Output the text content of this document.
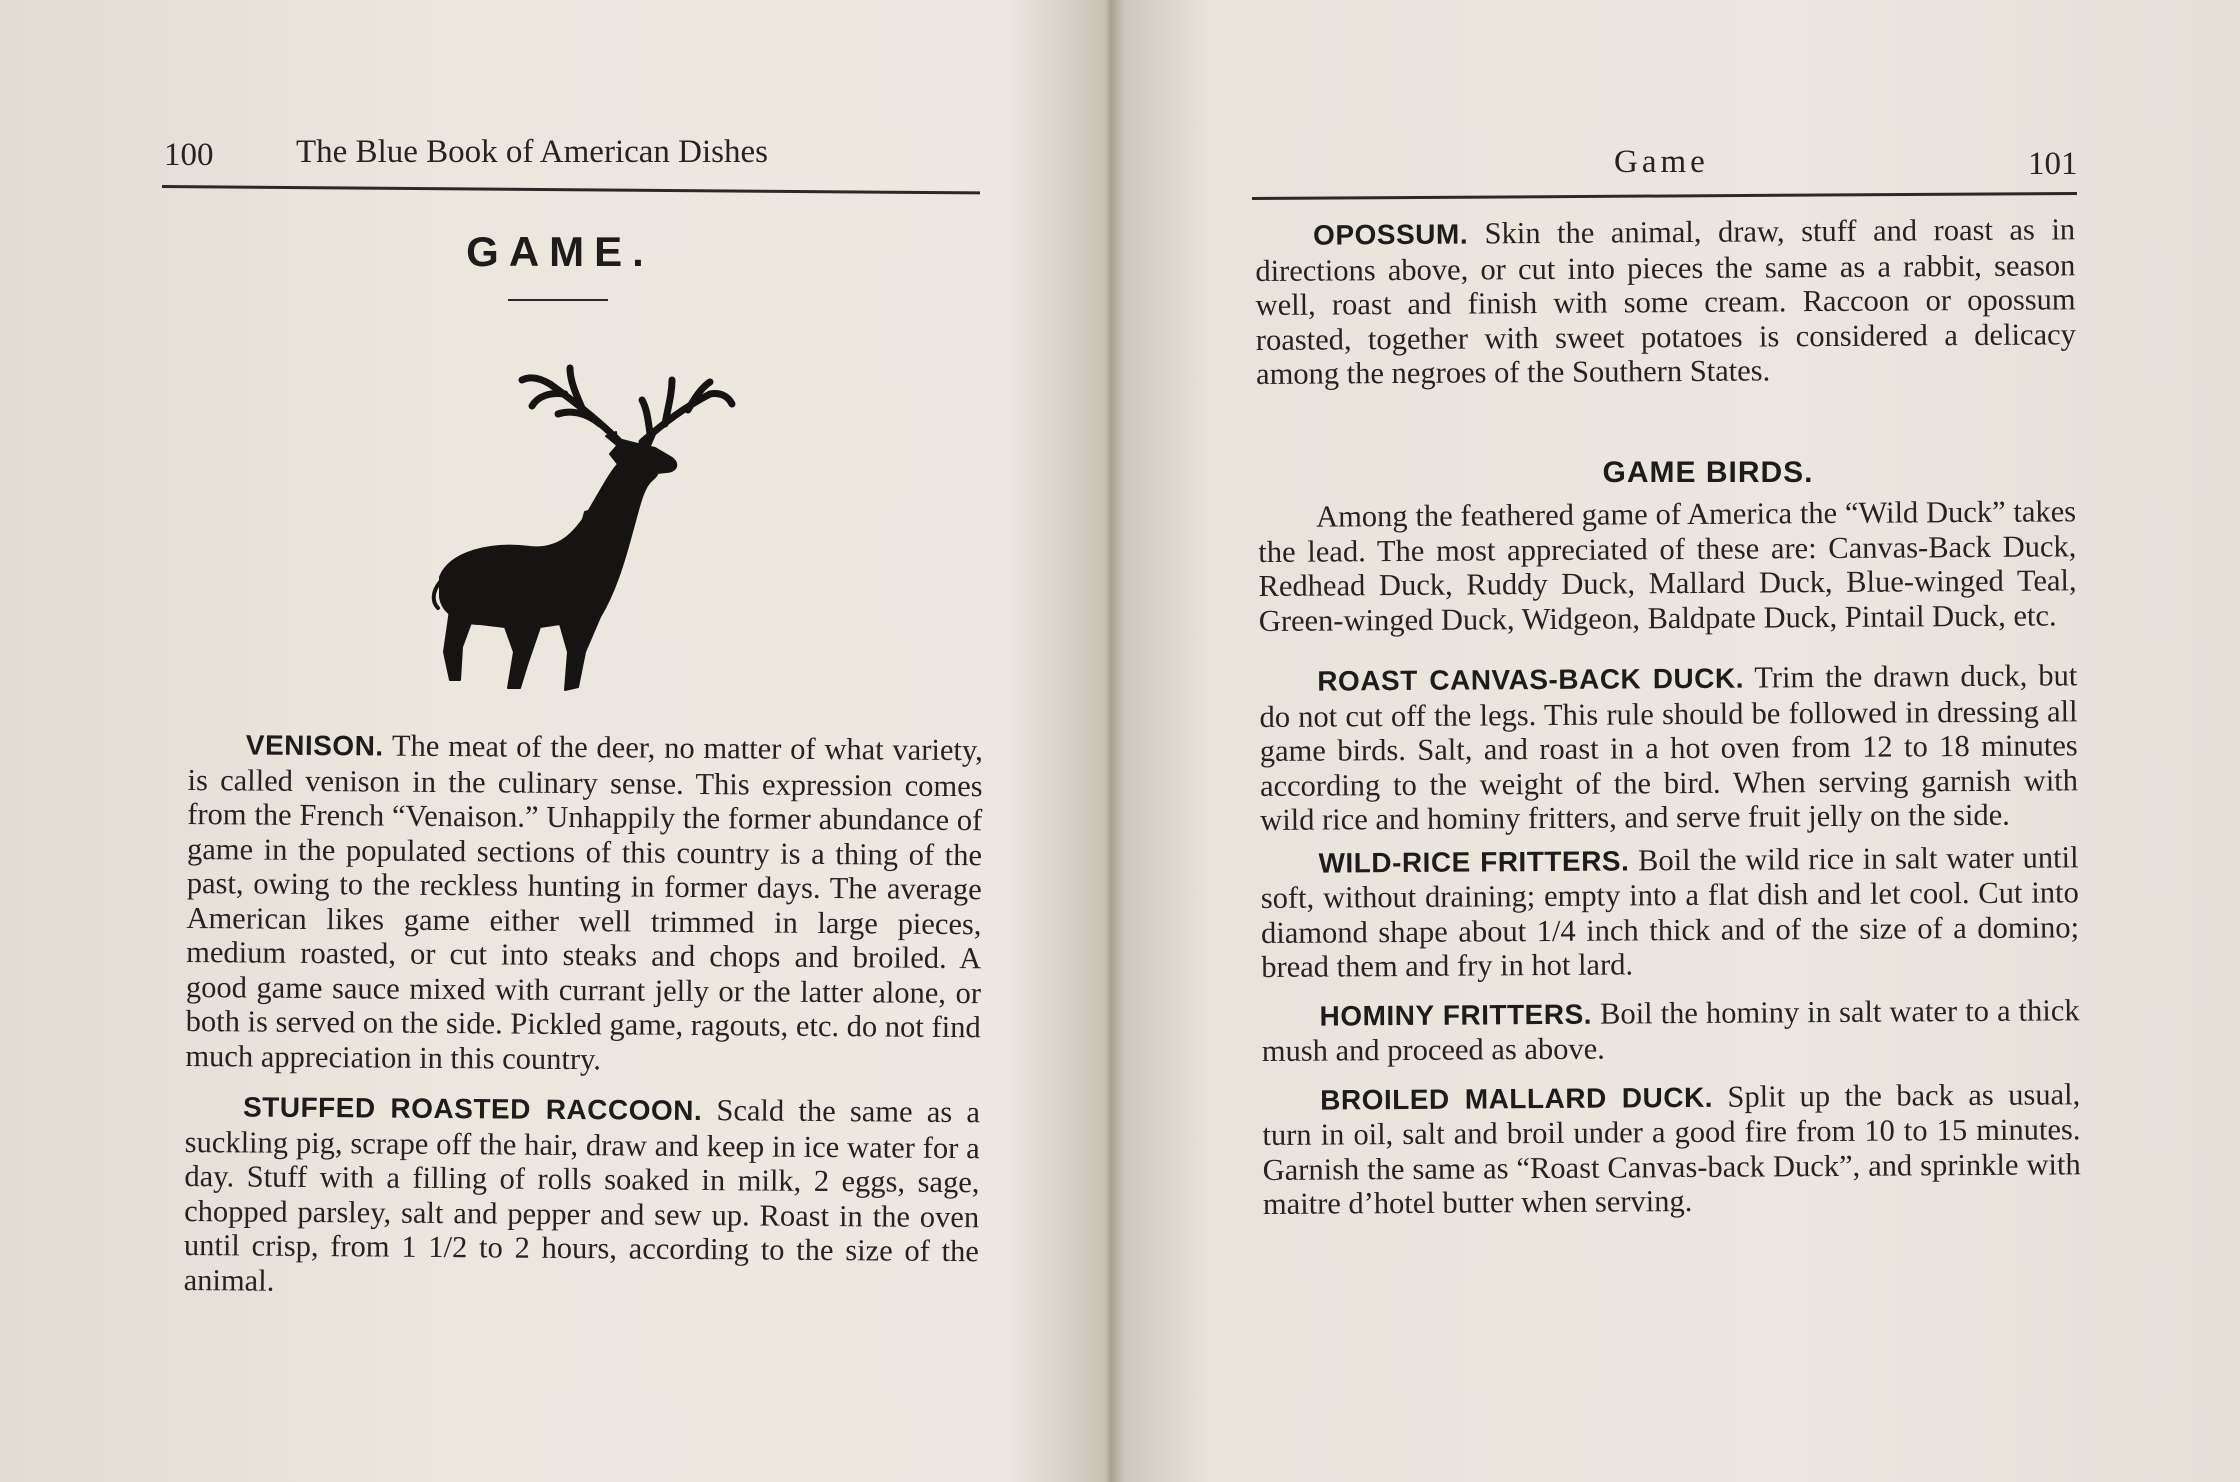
100	The Blue Book of American Dishes
GAME.

VENISON. The meat of the deer, no matter of what variety, is called venison in the culinary sense. This expression comes from the French “Venaison.” Unhappily the former abundance of game in the populated sections of this country is a thing of the past, owing to the reckless hunting in former days. The average American likes game either well trimmed in large pieces, medium roasted, or cut into steaks and chops and broiled. A good game sauce mixed with currant jelly or the latter alone, or both is served on the side. Pickled game, ragouts, etc. do not find much appreciation in this country.

STUFFED ROASTED RACCOON. Scald the same as a suckling pig, scrape off the hair, draw and keep in ice water for a day. Stuff with a filling of rolls soaked in milk, 2 eggs, sage, chopped parsley, salt and pepper and sew up. Roast in the oven until crisp, from 1 1/2 to 2 hours, according to the size of the animal.

Game	101

OPOSSUM. Skin the animal, draw, stuff and roast as in directions above, or cut into pieces the same as a rabbit, season well, roast and finish with some cream. Raccoon or opossum roasted, together with sweet potatoes is considered a delicacy among the negroes of the Southern States.

GAME BIRDS.

Among the feathered game of America the “Wild Duck” takes the lead. The most appreciated of these are: Canvas-Back Duck, Redhead Duck, Ruddy Duck, Mallard Duck, Blue-winged Teal, Green-winged Duck, Widgeon, Baldpate Duck, Pintail Duck, etc.

ROAST CANVAS-BACK DUCK. Trim the drawn duck, but do not cut off the legs. This rule should be followed in dressing all game birds. Salt, and roast in a hot oven from 12 to 18 minutes according to the weight of the bird. When serving garnish with wild rice and hominy fritters, and serve fruit jelly on the side.

WILD-RICE FRITTERS. Boil the wild rice in salt water until soft, without draining; empty into a flat dish and let cool. Cut into diamond shape about 1/4 inch thick and of the size of a domino; bread them and fry in hot lard.

HOMINY FRITTERS. Boil the hominy in salt water to a thick mush and proceed as above.

BROILED MALLARD DUCK. Split up the back as usual, turn in oil, salt and broil under a good fire from 10 to 15 minutes. Garnish the same as “Roast Canvas-back Duck”, and sprinkle with maitre d’hotel butter when serving.
